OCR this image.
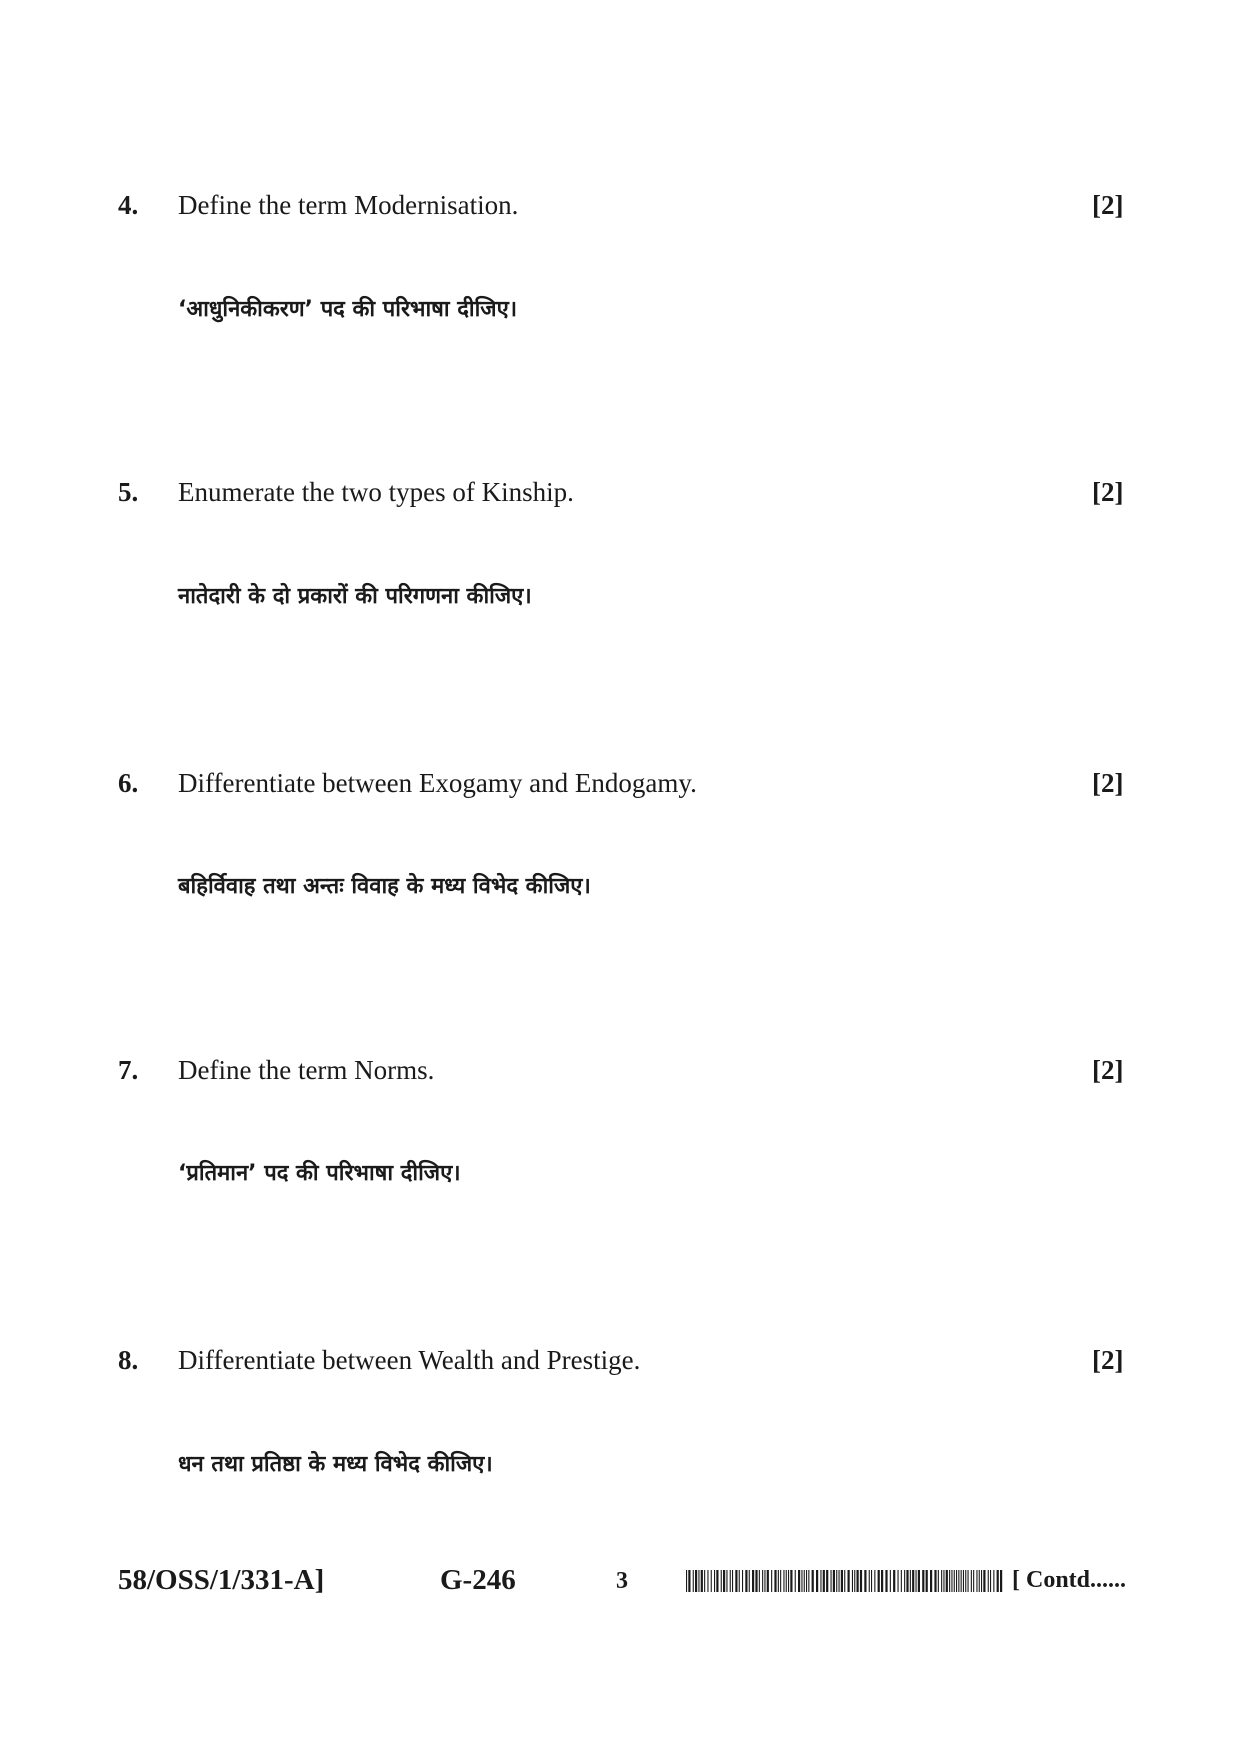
4. Define the term Modernisation.	[2]
‘आधुनिकीकरण’ पद की परिभाषा दीजिए।
5. Enumerate the two types of Kinship.	[2]
नातेदारी के दो प्रकारों की परिगणना कीजिए।
6. Differentiate between Exogamy and Endogamy.	[2]
बहिर्विवाह तथा अन्तः विवाह के मध्य विभेद कीजिए।
7. Define the term Norms.	[2]
‘प्रतिमान’ पद की परिभाषा दीजिए।
8. Differentiate between Wealth and Prestige.	[2]
धन तथा प्रतिष्ठा के मध्य विभेद कीजिए।
58/OSS/1/331-A]	G-246	3	[ Contd......
